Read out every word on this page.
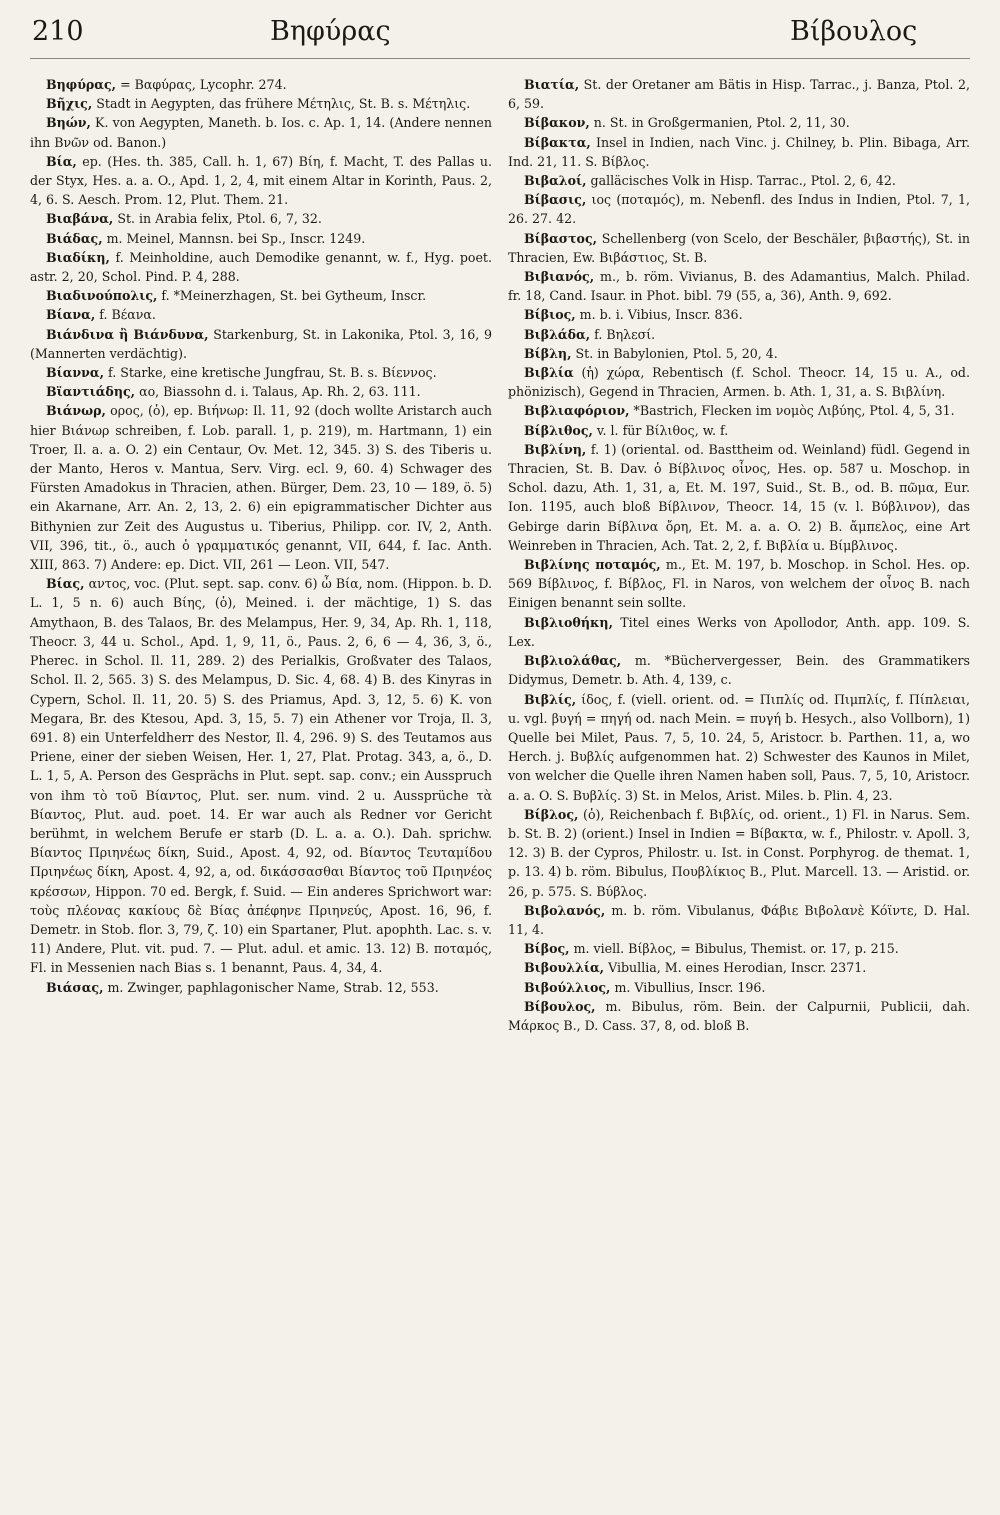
210	Βηφύρας	Βίβουλος

Βηφύρας, = Βαφύρας, Lycophr. 274.

Βῆχις, Stadt in Aegypten, das frühere Μέτηλις, St. B. s. Μέτηλις.

Βηών, K. von Aegypten, Maneth. b. Ios. c. Ap. 1, 14. (Andere nennen ihn Βνῶν od. Banon.)

Βία, ep. (Hes. th. 385, Call. h. 1, 67) Βίη, f. Macht, T. des Pallas u. der Styx, Hes. a. a. O., Apd. 1, 2, 4, mit einem Altar in Korinth, Paus. 2, 4, 6. S. Aesch. Prom. 12, Plut. Them. 21.

Βιαβάνα, St. in Arabia felix, Ptol. 6, 7, 32.

Βιάδας, m. Meinel, Mannsn. bei Sp., Inscr. 1249.

Βιαδίκη, f. Meinholdine, auch Demodike genannt, w. f., Hyg. poet. astr. 2, 20, Schol. Pind. P. 4, 288.

Βιαδινούπολις, f. *Meinerzhagen, St. bei Gytheum, Inscr.

Βίανα, f. Βέανα.

Βιάνδινα ἢ Βιάνδυνα, Starkenburg, St. in Lakonika, Ptol. 3, 16, 9 (Mannerten verdächtig).

Βίαννα, f. Starke, eine kretische Jungfrau, St. B. s. Βίεννος.

Βϊαντιάδης, αο, Biassohn d. i. Talaus, Ap. Rh. 2, 63. 111.

Βιάνωρ, ορος, (ὁ), ep. Βιήνωρ: Il. 11, 92 (doch wollte Aristarch auch hier Βιάνωρ schreiben, f. Lob. parall. 1, p. 219), m. Hartmann, 1) ein Troer, Il. a. a. O. 2) ein Centaur, Ov. Met. 12, 345. 3) S. des Tiberis u. der Manto, Heros v. Mantua, Serv. Virg. ecl. 9, 60. 4) Schwager des Fürsten Amadokus in Thracien, athen. Bürger, Dem. 23, 10 — 189, ö. 5) ein Akarnane, Arr. An. 2, 13, 2. 6) ein epigrammatischer Dichter aus Bithynien zur Zeit des Augustus u. Tiberius, Philipp. cor. IV, 2, Anth. VII, 396, tit., ö., auch ὁ γραμματικός genannt, VII, 644, f. Iac. Anth. XIII, 863. 7) Andere: ep. Dict. VII, 261 — Leon. VII, 547.

Βίας, αντος, voc. (Plut. sept. sap. conv. 6) ὦ Βία, nom. (Hippon. b. D. L. 1, 5 n. 6) auch Βίης, (ὁ), Meined. i. der mächtige, 1) S. das Amythaon, B. des Talaos, Br. des Melampus, Her. 9, 34, Ap. Rh. 1, 118, Theocr. 3, 44 u. Schol., Apd. 1, 9, 11, ö., Paus. 2, 6, 6 — 4, 36, 3, ö., Pherec. in Schol. Il. 11, 289. 2) des Perialkis, Großvater des Talaos, Schol. Il. 2, 565. 3) S. des Melampus, D. Sic. 4, 68. 4) B. des Kinyras in Cypern, Schol. Il. 11, 20. 5) S. des Priamus, Apd. 3, 12, 5. 6) K. von Megara, Br. des Ktesou, Apd. 3, 15, 5. 7) ein Athener vor Troja, Il. 3, 691. 8) ein Unterfeldherr des Nestor, Il. 4, 296. 9) S. des Teutamos aus Priene, einer der sieben Weisen, Her. 1, 27, Plat. Protag. 343, a, ö., D. L. 1, 5, A. Person des Gesprächs in Plut. sept. sap. conv.; ein Ausspruch von ihm τὸ τοῦ Βίαντος, Plut. ser. num. vind. 2 u. Aussprüche τὰ Βίαντος, Plut. aud. poet. 14. Er war auch als Redner vor Gericht berühmt, in welchem Berufe er starb (D. L. a. a. O.). Dah. sprichw. Βίαντος Πριηνέως δίκη, Suid., Apost. 4, 92, od. Βίαντος Τευταμίδου Πριηνέως δίκη, Apost. 4, 92, a, od. δικάσσασθαι Βίαντος τοῦ Πριηνέος κρέσσων, Hippon. 70 ed. Bergk, f. Suid. — Ein anderes Sprichwort war: τοὺς πλέονας κακίους δὲ Βίας ἀπέφηνε Πριηνεύς, Apost. 16, 96, f. Demetr. in Stob. flor. 3, 79, ζ. 10) ein Spartaner, Plut. apophth. Lac. s. v. 11) Andere, Plut. vit. pud. 7. — Plut. adul. et amic. 13. 12) Β. ποταμός, Fl. in Messenien nach Bias s. 1 benannt, Paus. 4, 34, 4.

Βιάσας, m. Zwinger, paphlagonischer Name, Strab. 12, 553.

Βιατία, St. der Oretaner am Bätis in Hisp. Tarrac., j. Banza, Ptol. 2, 6, 59.

Βίβακον, n. St. in Großgermanien, Ptol. 2, 11, 30.

Βίβακτα, Insel in Indien, nach Vinc. j. Chilney, b. Plin. Bibaga, Arr. Ind. 21, 11. S. Βίβλος.

Βιβαλοί, galläcisches Volk in Hisp. Tarrac., Ptol. 2, 6, 42.

Βίβασις, ιος (ποταμός), m. Nebenfl. des Indus in Indien, Ptol. 7, 1, 26. 27. 42.

Βίβαστος, Schellenberg (von Scelo, der Beschäler, βιβαστής), St. in Thracien, Ew. Βιβάστιος, St. B.

Βιβιανός, m., b. röm. Vivianus, B. des Adamantius, Malch. Philad. fr. 18, Cand. Isaur. in Phot. bibl. 79 (55, a, 36), Anth. 9, 692.

Βίβιος, m. b. i. Vibius, Inscr. 836.

Βιβλάδα, f. Βηλεσί.

Βίβλη, St. in Babylonien, Ptol. 5, 20, 4.

Βιβλία (ἡ) χώρα, Rebentisch (f. Schol. Theocr. 14, 15 u. A., od. phönizisch), Gegend in Thracien, Armen. b. Ath. 1, 31, a. S. Βιβλίνη.

Βιβλιαφόριον, *Bastrich, Flecken im νομὸς Λιβύης, Ptol. 4, 5, 31.

Βίβλιθος, v. l. für Βίλιθος, w. f.

Βιβλίνη, f. 1) (oriental. od. Basttheim od. Weinland) füdl. Gegend in Thracien, St. B. Dav. ὁ Βίβλινος οἶνος, Hes. op. 587 u. Moschop. in Schol. dazu, Ath. 1, 31, a, Et. M. 197, Suid., St. B., od. Β. πῶμα, Eur. Ion. 1195, auch bloß Βίβλινον, Theocr. 14, 15 (v. l. Βύβλινον), das Gebirge darin Βίβλινα ὄρη, Et. M. a. a. O. 2) Β. ἄμπελος, eine Art Weinreben in Thracien, Ach. Tat. 2, 2, f. Βιβλία u. Βίμβλινος.

Βιβλίνης ποταμός, m., Et. M. 197, b. Moschop. in Schol. Hes. op. 569 Βίβλινος, f. Βίβλος, Fl. in Naros, von welchem der οἶνος Β. nach Einigen benannt sein sollte.

Βιβλιοθήκη, Titel eines Werks von Apollodor, Anth. app. 109. S. Lex.

Βιβλιολάθας, m. *Büchervergesser, Bein. des Grammatikers Didymus, Demetr. b. Ath. 4, 139, c.

Βιβλίς, ίδος, f. (viell. orient. od. = Πιπλίς od. Πιμπλίς, f. Πίπλειαι, u. vgl. βυγή = πηγή od. nach Mein. = πυγή b. Hesych., also Vollborn), 1) Quelle bei Milet, Paus. 7, 5, 10. 24, 5, Aristocr. b. Parthen. 11, a, wo Herch. j. Βυβλίς aufgenommen hat. 2) Schwester des Kaunos in Milet, von welcher die Quelle ihren Namen haben soll, Paus. 7, 5, 10, Aristocr. a. a. O. S. Βυβλίς. 3) St. in Melos, Arist. Miles. b. Plin. 4, 23.

Βίβλος, (ὁ), Reichenbach f. Βιβλίς, od. orient., 1) Fl. in Narus. Sem. b. St. B. 2) (orient.) Insel in Indien = Βίβακτα, w. f., Philostr. v. Apoll. 3, 12. 3) B. der Cypros, Philostr. u. Ist. in Const. Porphyrog. de themat. 1, p. 13. 4) b. röm. Bibulus, Πουβλίκιος Β., Plut. Marcell. 13. — Aristid. or. 26, p. 575. S. Βύβλος.

Βιβολανός, m. b. röm. Vibulanus, Φάβιε Βιβολανὲ Κόϊντε, D. Hal. 11, 4.

Βίβος, m. viell. Βίβλος, = Bibulus, Themist. or. 17, p. 215.

Βιβουλλία, Vibullia, M. eines Herodian, Inscr. 2371.

Βιβούλλιος, m. Vibullius, Inscr. 196.

Βίβουλος, m. Bibulus, röm. Bein. der Calpurnii, Publicii, dah. Μάρκος Β., D. Cass. 37, 8, od. bloß Β.
